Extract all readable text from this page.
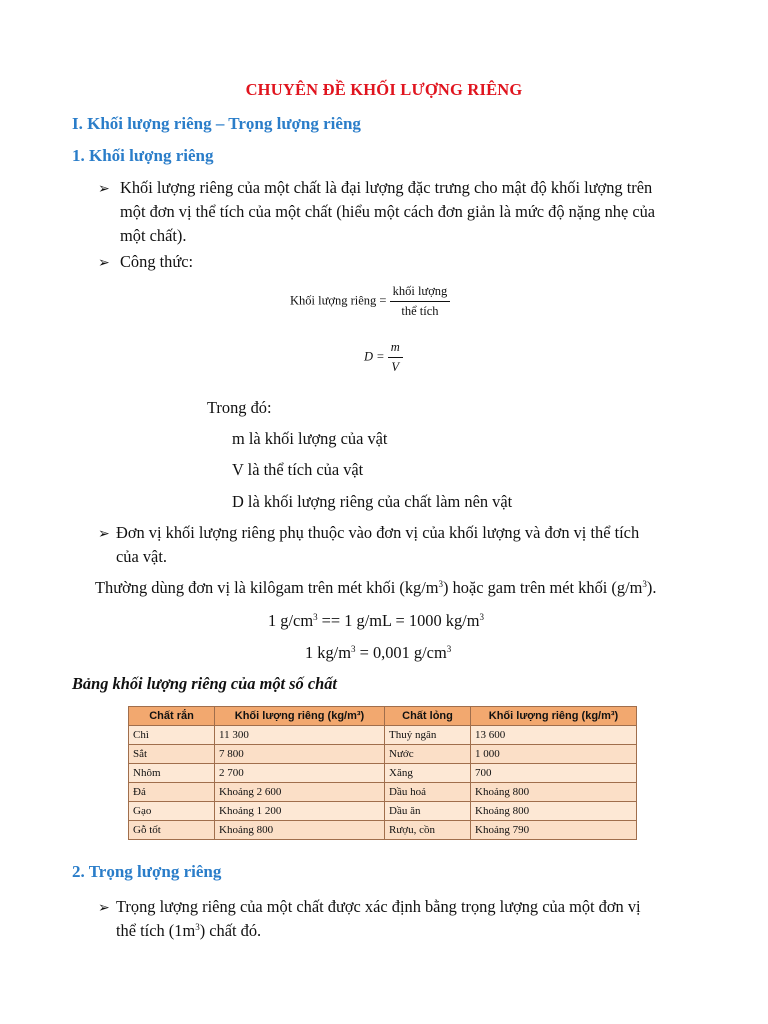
CHUYÊN ĐỀ KHỐI LƯỢNG RIÊNG
I. Khối lượng riêng – Trọng lượng riêng
1. Khối lượng riêng
➢ Khối lượng riêng của một chất là đại lượng đặc trưng cho mật độ khối lượng trên
một đơn vị thể tích của một chất (hiểu một cách đơn giản là mức độ nặng nhẹ của
một chất).
➢ Công thức:
Khối lượng riêng = $\frac{\text{khối lượng}}{\text{thể tích}}$
$D = \frac{m}{V}$
Trong đó:
m là khối lượng của vật
V là thể tích của vật
D là khối lượng riêng của chất làm nên vật
➢ Đơn vị khối lượng riêng phụ thuộc vào đơn vị của khối lượng và đơn vị thể tích
của vật.
Thường dùng đơn vị là kilôgam trên mét khối $(kg/m^3)$ hoặc gam trên mét khối $(g/m^3)$.
1 $g/cm^3 == 1$ g/mL = 1000 $kg/m^3$
1 $kg/m^3 = 0,001$ $g/cm^3$
Bảng khối lượng riêng của một số chất
Chất rắn	Khối lượng riêng (kg/m³)	Chất lỏng	Khối lượng riêng (kg/m³)
Chì	11 300	Thuỷ ngân	13 600
Sắt	7 800	Nước	1 000
Nhôm	2 700	Xăng	700
Đá	Khoảng 2 600	Dầu hoả	Khoảng 800
Gạo	Khoảng 1 200	Dầu ăn	Khoảng 800
Gỗ tốt	Khoảng 800	Rượu, cồn	Khoảng 790
2. Trọng lượng riêng
➢ Trọng lượng riêng của một chất được xác định bằng trọng lượng của một đơn vị
thể tích $(1m^3)$ chất đó.
